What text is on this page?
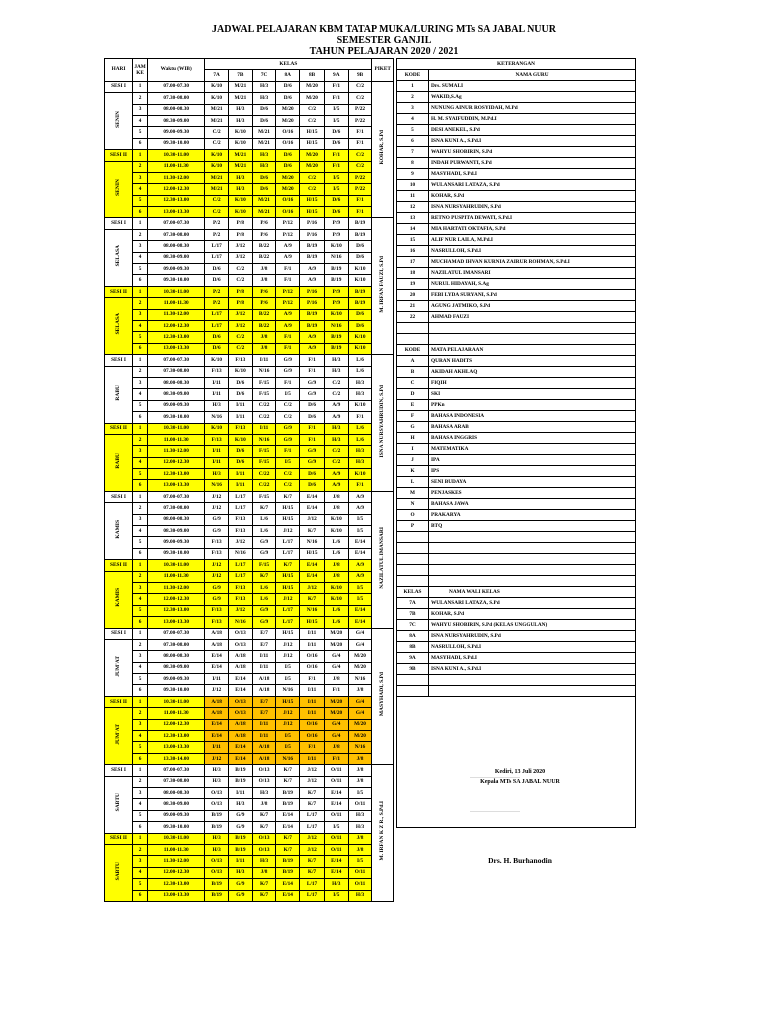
JADWAL PELAJARAN KBM TATAP MUKA/LURING MTs SA JABAL NUUR
SEMESTER GANJIL
TAHUN PELAJARAN 2020 / 2021
HARI	JAM KE	Waktu (WIB)	KELAS							PIKET
			7A	7B	7C	8A	8B	9A	9B	
SESI I	1	07.00-07.30	K/10	M/21	H/3	D/6	M/20	F/1	C/2	KOHAR, S.Pd
SENIN	2	07.30-08.00	K/10	M/21	H/3	D/6	M/20	F/1	C/2	
	3	08.00-08.30	M/21	H/3	D/6	M/20	C/2	I/5	P/22	
	4	08.30-09.00	M/21	H/3	D/6	M/20	C/2	I/5	P/22	
	5	09.00-09.30	C/2	K/10	M/21	O/16	H/15	D/6	F/1	
	6	09.30-10.00	C/2	K/10	M/21	O/16	H/15	D/6	F/1	
SESI II	1	10.30-11.00	K/10	M/21	H/3	D/6	M/20	F/1	C/2	
SENIN	2	11.00-11.30	K/10	M/21	H/3	D/6	M/20	F/1	C/2	
	3	11.30-12.00	M/21	H/3	D/6	M/20	C/2	I/5	P/22	
	4	12.00-12.30	M/21	H/3	D/6	M/20	C/2	I/5	P/22	
	5	12.30-13.00	C/2	K/10	M/21	O/16	H/15	D/6	F/1	
	6	13.00-13.30	C/2	K/10	M/21	O/16	H/15	D/6	F/1	
SESI I	1	07.00-07.30	P/2	P/8	P/6	P/12	P/16	P/9	B/19	M. IRFAN FAUZI, S.Pd
SELASA	2	07.30-08.00	P/2	P/8	P/6	P/12	P/16	P/9	B/19	
	3	08.00-08.30	L/17	J/12	B/22	A/9	B/19	K/10	D/6	
	4	08.30-09.00	L/17	J/12	B/22	A/9	B/19	N/16	D/6	
	5	09.00-09.30	D/6	C/2	J/8	F/1	A/9	B/19	K/10	
	6	09.30-10.00	D/6	C/2	J/8	F/1	A/9	B/19	K/10	
SESI II	1	10.30-11.00	P/2	P/8	P/6	P/12	P/16	P/9	B/19	
SELASA	2	11.00-11.30	P/2	P/8	P/6	P/12	P/16	P/9	B/19	
	3	11.30-12.00	L/17	J/12	B/22	A/9	B/19	K/10	D/6	
	4	12.00-12.30	L/17	J/12	B/22	A/9	B/19	N/16	D/6	
	5	12.30-13.00	D/6	C/2	J/8	F/1	A/9	B/19	K/10	
	6	13.00-13.30	D/6	C/2	J/8	F/1	A/9	B/19	K/10	
SESI I	1	07.00-07.30	K/10	F/13	I/11	G/9	F/1	H/3	L/6	ISNA NURSYAHRUDIN, S.Pd
RABU	2	07.30-08.00	F/13	K/10	N/16	G/9	F/1	H/3	L/6	
	3	08.00-08.30	I/11	D/6	F/15	F/1	G/9	C/2	H/3	
	4	08.30-09.00	I/11	D/6	F/15	I/5	G/9	C/2	H/3	
	5	09.00-09.30	H/3	I/11	C/22	C/2	D/6	A/9	K/10	
	6	09.30-10.00	N/16	I/11	C/22	C/2	D/6	A/9	F/1	
SESI II	1	10.30-11.00	K/10	F/13	I/11	G/9	F/1	H/3	L/6	
RABU	2	11.00-11.30	F/13	K/10	N/16	G/9	F/1	H/3	L/6	
	3	11.30-12.00	I/11	D/6	F/15	F/1	G/9	C/2	H/3	
	4	12.00-12.30	I/11	D/6	F/15	I/5	G/9	C/2	H/3	
	5	12.30-13.00	H/3	I/11	C/22	C/2	D/6	A/9	K/10	
	6	13.00-13.30	N/16	I/11	C/22	C/2	D/6	A/9	F/1	
SESI I	1	07.00-07.30	J/12	L/17	F/15	K/7	E/14	J/8	A/9	NAZILATUL IMANSARI
KAMIS	2	07.30-08.00	J/12	L/17	K/7	H/15	E/14	J/8	A/9	
	3	08.00-08.30	G/9	F/13	L/6	H/15	J/12	K/10	I/5	
	4	08.30-09.00	G/9	F/13	L/6	J/12	K/7	K/10	I/5	
	5	09.00-09.30	F/13	J/12	G/9	L/17	N/16	L/6	E/14	
	6	09.30-10.00	F/13	N/16	G/9	L/17	H/15	L/6	E/14	
SESI II	1	10.30-11.00	J/12	L/17	F/15	K/7	E/14	J/8	A/9	
KAMIS	2	11.00-11.30	J/12	L/17	K/7	H/15	E/14	J/8	A/9	
	3	11.30-12.00	G/9	F/13	L/6	H/15	J/12	K/10	I/5	
	4	12.00-12.30	G/9	F/13	L/6	J/12	K/7	K/10	I/5	
	5	12.30-13.00	F/13	J/12	G/9	L/17	N/16	L/6	E/14	
	6	13.00-13.30	F/13	N/16	G/9	L/17	H/15	L/6	E/14	
SESI I	1	07.00-07.30	A/18	O/13	E/7	H/15	I/11	M/20	G/4	MASYHADI, S.Pd
JUM'AT	2	07.30-08.00	A/18	O/13	E/7	J/12	I/11	M/20	G/4	
	3	08.00-08.30	E/14	A/18	I/11	J/12	O/16	G/4	M/20	
	4	08.30-09.00	E/14	A/18	I/11	I/5	O/16	G/4	M/20	
	5	09.00-09.30	I/11	E/14	A/18	I/5	F/1	J/8	N/16	
	6	09.30-10.00	J/12	E/14	A/18	N/16	I/11	F/1	J/8	
SESI II	1	10.30-11.00	A/18	O/13	E/7	H/15	I/11	M/20	G/4	
JUM'AT	2	11.00-11.30	A/18	O/13	E/7	J/12	I/11	M/20	G/4	
	3	12.00-12.30	E/14	A/18	I/11	J/12	O/16	G/4	M/20	
	4	12.30-13.00	E/14	A/18	I/11	I/5	O/16	G/4	M/20	
	5	13.00-13.30	I/11	E/14	A/18	I/5	F/1	J/8	N/16	
	6	13.30-14.00	J/12	E/14	A/18	N/16	I/11	F/1	J/8	
SESI I	1	07.00-07.30	H/3	B/19	O/13	K/7	J/12	O/11	J/8	M. IRFAN K Z R., S.Pd.I
SABTU	2	07.30-08.00	H/3	B/19	O/13	K/7	J/12	O/11	J/8	
	3	08.00-08.30	O/13	I/11	H/3	B/19	K/7	E/14	I/5	
	4	08.30-09.00	O/13	H/3	J/8	B/19	K/7	E/14	O/11	
	5	09.00-09.30	B/19	G/9	K/7	E/14	L/17	O/11	H/3	
	6	09.30-10.00	B/19	G/9	K/7	E/14	L/17	I/5	H/3	
SESI II	1	10.30-11.00	H/3	B/19	O/13	K/7	J/12	O/11	J/8	
SABTU	2	11.00-11.30	H/3	B/19	O/13	K/7	J/12	O/11	J/8	
	3	11.30-12.00	O/13	I/11	H/3	B/19	K/7	E/14	I/5	
	4	12.00-12.30	O/13	H/3	J/8	B/19	K/7	E/14	O/11	
	5	12.30-13.00	B/19	G/9	K/7	E/14	L/17	H/3	O/11	
	6	13.00-13.30	B/19	G/9	K/7	E/14	L/17	I/5	H/3	
KETERANGAN	
KODE	NAMA GURU
1	Drs. SUMALI
2	WAKID,S.Ag
3	NUNUNG AINUR ROSYIDAH, M.Pd
4	H. M. SYAIFUDDIN, M.Pd.I
5	DESI ANEKEL, S.Pd
6	ISNA KUNI A., S.Pd.I
7	WAHYU SHOBIRIN, S.Pd
8	INDAH PURWANTI, S.Pd
9	MASYHADI, S.Pd.I
10	WULANSARI LATAZA, S.Pd
11	KOHAR, S.Pd
12	ISNA NURSYAHRUDIN, S.Pd
13	RETNO PUSPITA DEWATI, S.Pd.I
14	MIA HARTATI OKTAFIA, S.Pd
15	ALIF NUR LAILA, M.Pd.I
16	NASRULLOH, S.Pd.I
17	MUCHAMAD IHVAN KURNIA ZAIRUR ROHMAN, S.Pd.I
18	NAZILATUL IMANSARI
19	NURUL HIDAYAH, S.Ag
20	FEBI LYDA SURYANI, S.Pd
21	AGUNG JATMIKO, S.Pd
22	AHMAD FAUZI

KODE	MATA PELAJARAAN
A	QURAN HADITS
B	AKIDAH AKHLAQ
C	FIQIH
D	SKI
E	PPKn
F	BAHASA INDONESIA
G	BAHASA ARAB
H	BAHASA INGGRIS
I	MATEMATIKA
J	IPA
K	IPS
L	SENI BUDAYA
M	PENJASKES
N	BAHASA JAWA
O	PRAKARYA
P	BTQ

KELAS	NAMA WALI KELAS
7A	WULANSARI LATAZA, S.Pd
7B	KOHAR, S.Pd
7C	WAHYU SHOBIRIN, S.Pd (KELAS UNGGULAN)
8A	ISNA NURSYAHRUDIN, S.Pd
8B	NASRULLOH, S.Pd.I
9A	MASYHADI, S.Pd.I
9B	ISNA KUNI A., S.Pd.I

Kediri, 13 Juli 2020
Kepala MTs SA JABAL NUUR
Drs. H. Burhanodin
